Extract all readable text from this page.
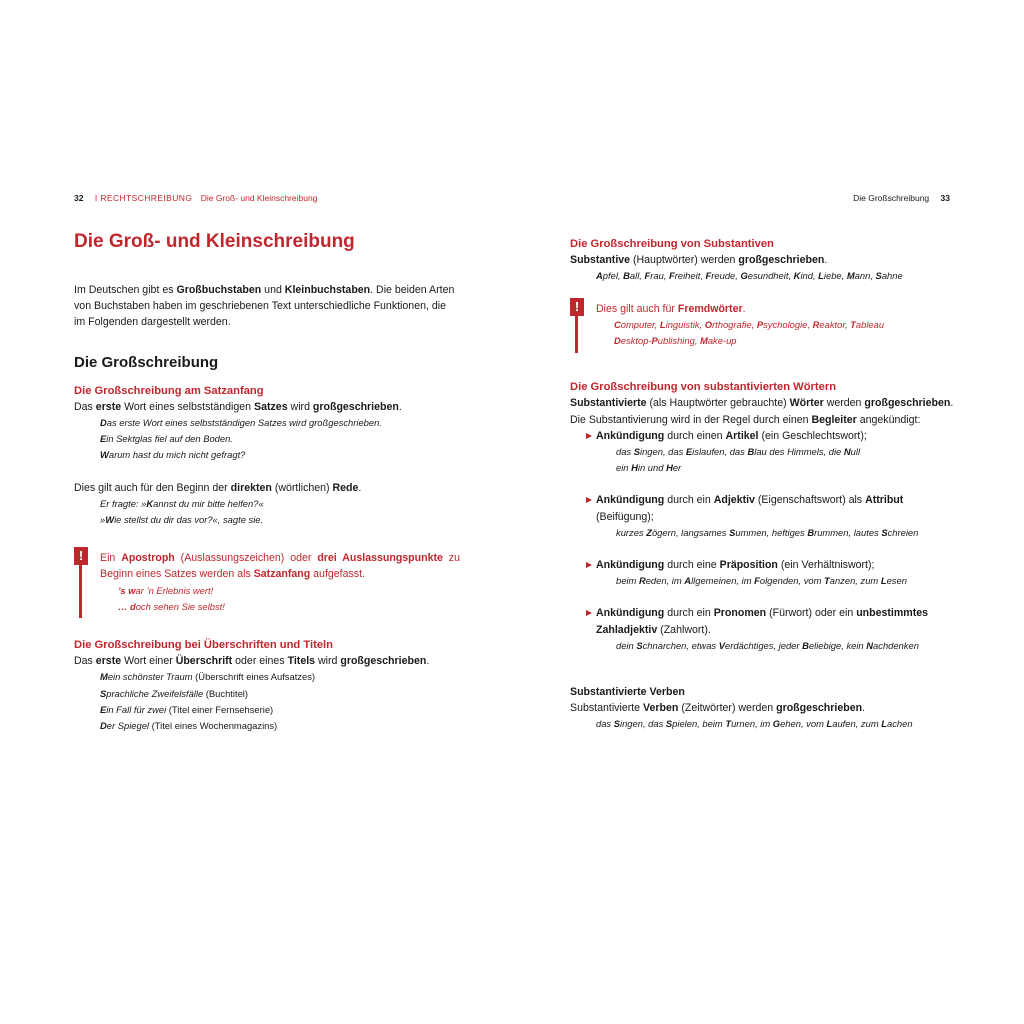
32 I RECHTSCHREIBUNG Die Groß- und Kleinschreibung
Die Groß- und Kleinschreibung

Im Deutschen gibt es Großbuchstaben und Kleinbuchstaben. Die beiden Arten von Buchstaben haben im geschriebenen Text unterschiedliche Funktionen, die im Folgenden dargestellt werden.

Die Großschreibung
Die Großschreibung am Satzanfang

Das erste Wort eines selbstständigen Satzes wird großgeschrieben.

Das erste Wort eines selbstständigen Satzes wird großgeschrieben.

Ein Sektglas fiel auf den Boden.

Warum hast du mich nicht gefragt?

Dies gilt auch für den Beginn der direkten (wörtlichen) Rede.

Er fragte: »Kannst du mir bitte helfen?«

»Wie stellst du dir das vor?«, sagte sie.

!	Ein Apostroph (Auslassungszeichen) oder drei Auslassungspunkte zu Beginn eines Satzes werden als Satzanfang aufgefasst.

’s war ’n Erlebnis wert!

… doch sehen Sie selbst!

Die Großschreibung bei Überschriften und Titeln

Das erste Wort einer Überschrift oder eines Titels wird großgeschrieben.

Mein schönster Traum (Überschrift eines Aufsatzes)

Sprachliche Zweifelsfälle (Buchtitel)

Ein Fall für zwei (Titel einer Fernsehserie)

Der Spiegel (Titel eines Wochenmagazins)

Die Großschreibung 33
Die Großschreibung von Substantiven

Substantive (Hauptwörter) werden großgeschrieben.

Apfel, Ball, Frau, Freiheit, Freude, Gesundheit, Kind, Liebe, Mann, Sahne

!	Dies gilt auch für Fremdwörter.

Computer, Linguistik, Orthografie, Psychologie, Reaktor, Tableau

Desktop-Publishing, Make-up

Die Großschreibung von substantivierten Wörtern

Substantivierte (als Hauptwörter gebrauchte) Wörter werden großgeschrieben.

Die Substantivierung wird in der Regel durch einen Begleiter angekündigt:

Ankündigung durch einen Artikel (ein Geschlechtswort);

das Singen, das Eislaufen, das Blau des Himmels, die Null

ein Hin und Her

Ankündigung durch ein Adjektiv (Eigenschaftswort) als Attribut (Beifügung);

kurzes Zögern, langsames Summen, heftiges Brummen, lautes Schreien

Ankündigung durch eine Präposition (ein Verhältniswort);

beim Reden, im Allgemeinen, im Folgenden, vom Tanzen, zum Lesen

Ankündigung durch ein Pronomen (Fürwort) oder ein unbestimmtes Zahladjektiv (Zahlwort).

dein Schnarchen, etwas Verdächtiges, jeder Beliebige, kein Nachdenken

Substantivierte Verben

Substantivierte Verben (Zeitwörter) werden großgeschrieben.

das Singen, das Spielen, beim Turnen, im Gehen, vom Laufen, zum Lachen
